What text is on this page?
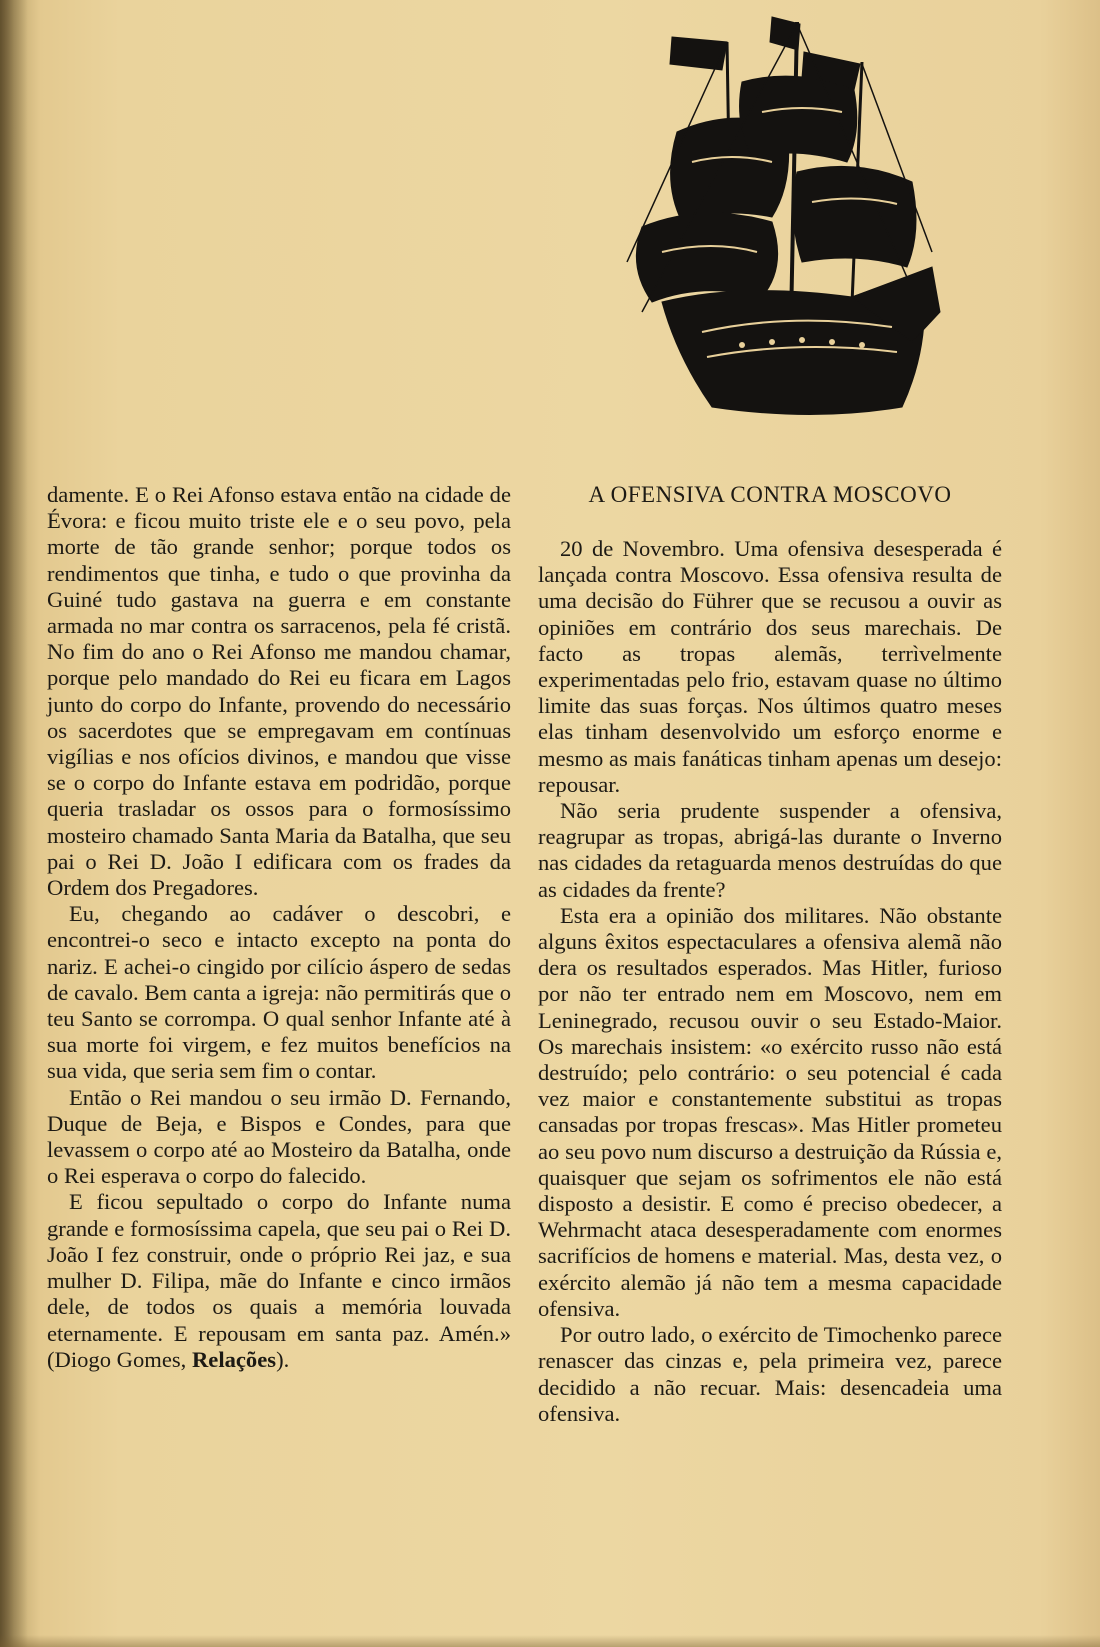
damente. E o Rei Afonso estava então na cidade de Évora: e ficou muito triste ele e o seu povo, pela morte de tão grande senhor; porque todos os rendimentos que tinha, e tudo o que provinha da Guiné tudo gastava na guerra e em constante armada no mar contra os sarracenos, pela fé cristã. No fim do ano o Rei Afonso me mandou chamar, porque pelo mandado do Rei eu ficara em Lagos junto do corpo do Infante, provendo do necessário os sacerdotes que se empregavam em contínuas vigílias e nos ofícios divinos, e mandou que visse se o corpo do Infante estava em podridão, porque queria trasladar os ossos para o formosíssimo mosteiro chamado Santa Maria da Batalha, que seu pai o Rei D. João I edificara com os frades da Ordem dos Pregadores.

Eu, chegando ao cadáver o descobri, e encontrei-o seco e intacto excepto na ponta do nariz. E achei-o cingido por cilício áspero de sedas de cavalo. Bem canta a igreja: não permitirás que o teu Santo se corrompa. O qual senhor Infante até à sua morte foi virgem, e fez muitos benefícios na sua vida, que seria sem fim o contar.

Então o Rei mandou o seu irmão D. Fernando, Duque de Beja, e Bispos e Condes, para que levassem o corpo até ao Mosteiro da Batalha, onde o Rei esperava o corpo do falecido.

E ficou sepultado o corpo do Infante numa grande e formosíssima capela, que seu pai o Rei D. João I fez construir, onde o próprio Rei jaz, e sua mulher D. Filipa, mãe do Infante e cinco irmãos dele, de todos os quais a memória louvada eternamente. E repousam em santa paz. Amén.» (Diogo Gomes, Relações).

A OFENSIVA CONTRA MOSCOVO

20 de Novembro. Uma ofensiva desesperada é lançada contra Moscovo. Essa ofensiva resulta de uma decisão do Führer que se recusou a ouvir as opiniões em contrário dos seus marechais. De facto as tropas alemãs, terrìvelmente experimentadas pelo frio, estavam quase no último limite das suas forças. Nos últimos quatro meses elas tinham desenvolvido um esforço enorme e mesmo as mais fanáticas tinham apenas um desejo: repousar.

Não seria prudente suspender a ofensiva, reagrupar as tropas, abrigá-las durante o Inverno nas cidades da retaguarda menos destruídas do que as cidades da frente?

Esta era a opinião dos militares. Não obstante alguns êxitos espectaculares a ofensiva alemã não dera os resultados esperados. Mas Hitler, furioso por não ter entrado nem em Moscovo, nem em Leninegrado, recusou ouvir o seu Estado-Maior. Os marechais insistem: «o exército russo não está destruído; pelo contrário: o seu potencial é cada vez maior e constantemente substitui as tropas cansadas por tropas frescas». Mas Hitler prometeu ao seu povo num discurso a destruição da Rússia e, quaisquer que sejam os sofrimentos ele não está disposto a desistir. E como é preciso obedecer, a Wehrmacht ataca desesperadamente com enormes sacrifícios de homens e material. Mas, desta vez, o exército alemão já não tem a mesma capacidade ofensiva.

Por outro lado, o exército de Timochenko parece renascer das cinzas e, pela primeira vez, parece decidido a não recuar. Mais: desencadeia uma ofensiva.
